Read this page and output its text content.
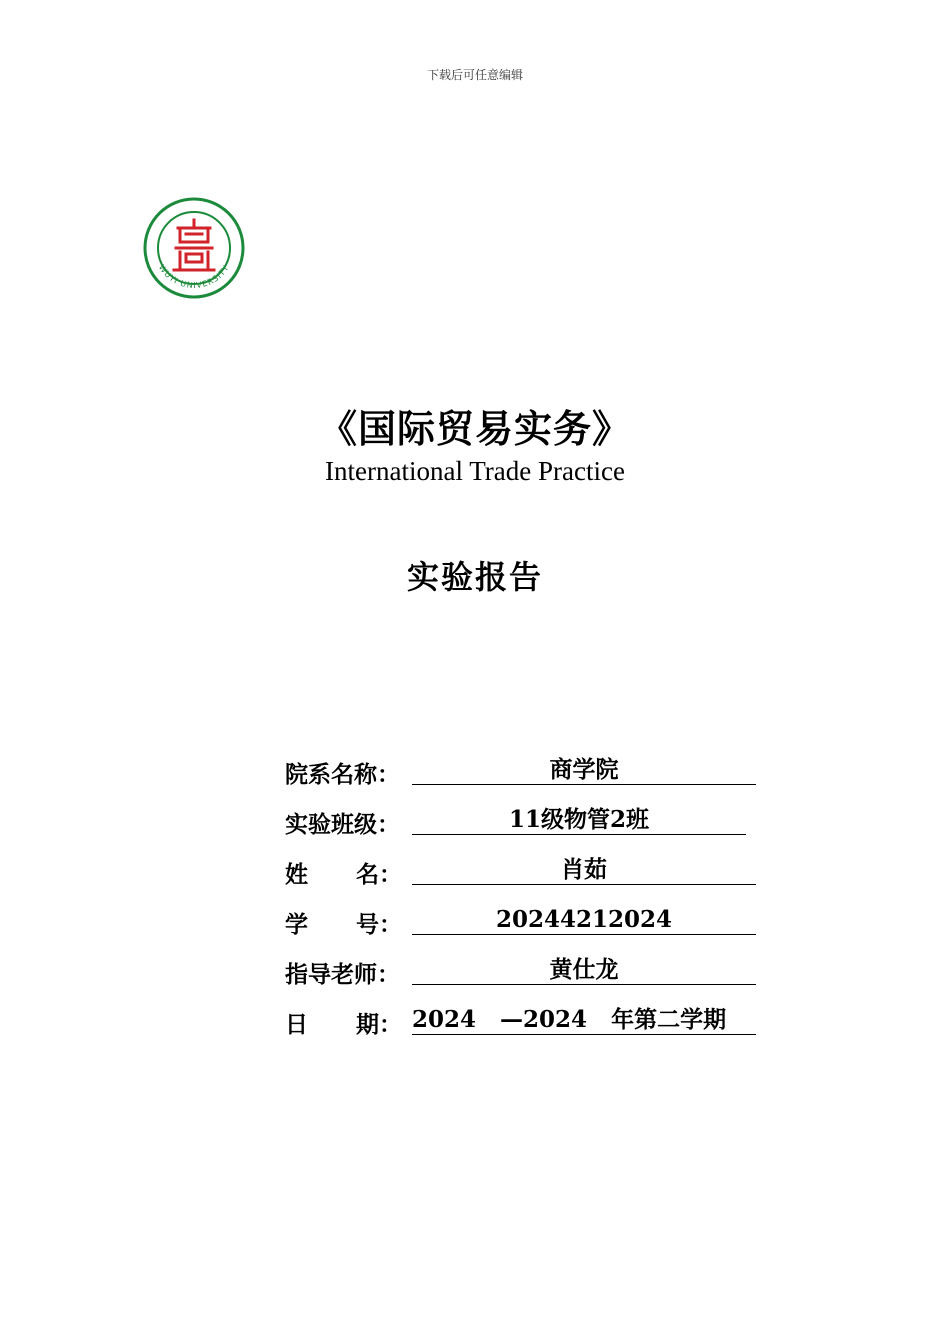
下载后可任意编辑
WUYI UNIVERSITY
《国际贸易实务》
International Trade Practice
实验报告
院系名称：	商学院
实验班级：	11级物管2班
姓      名：	肖茹
学      号：	20244212024
指导老师：	黄仕龙
日      期： 2024   —2024   年第二学期
